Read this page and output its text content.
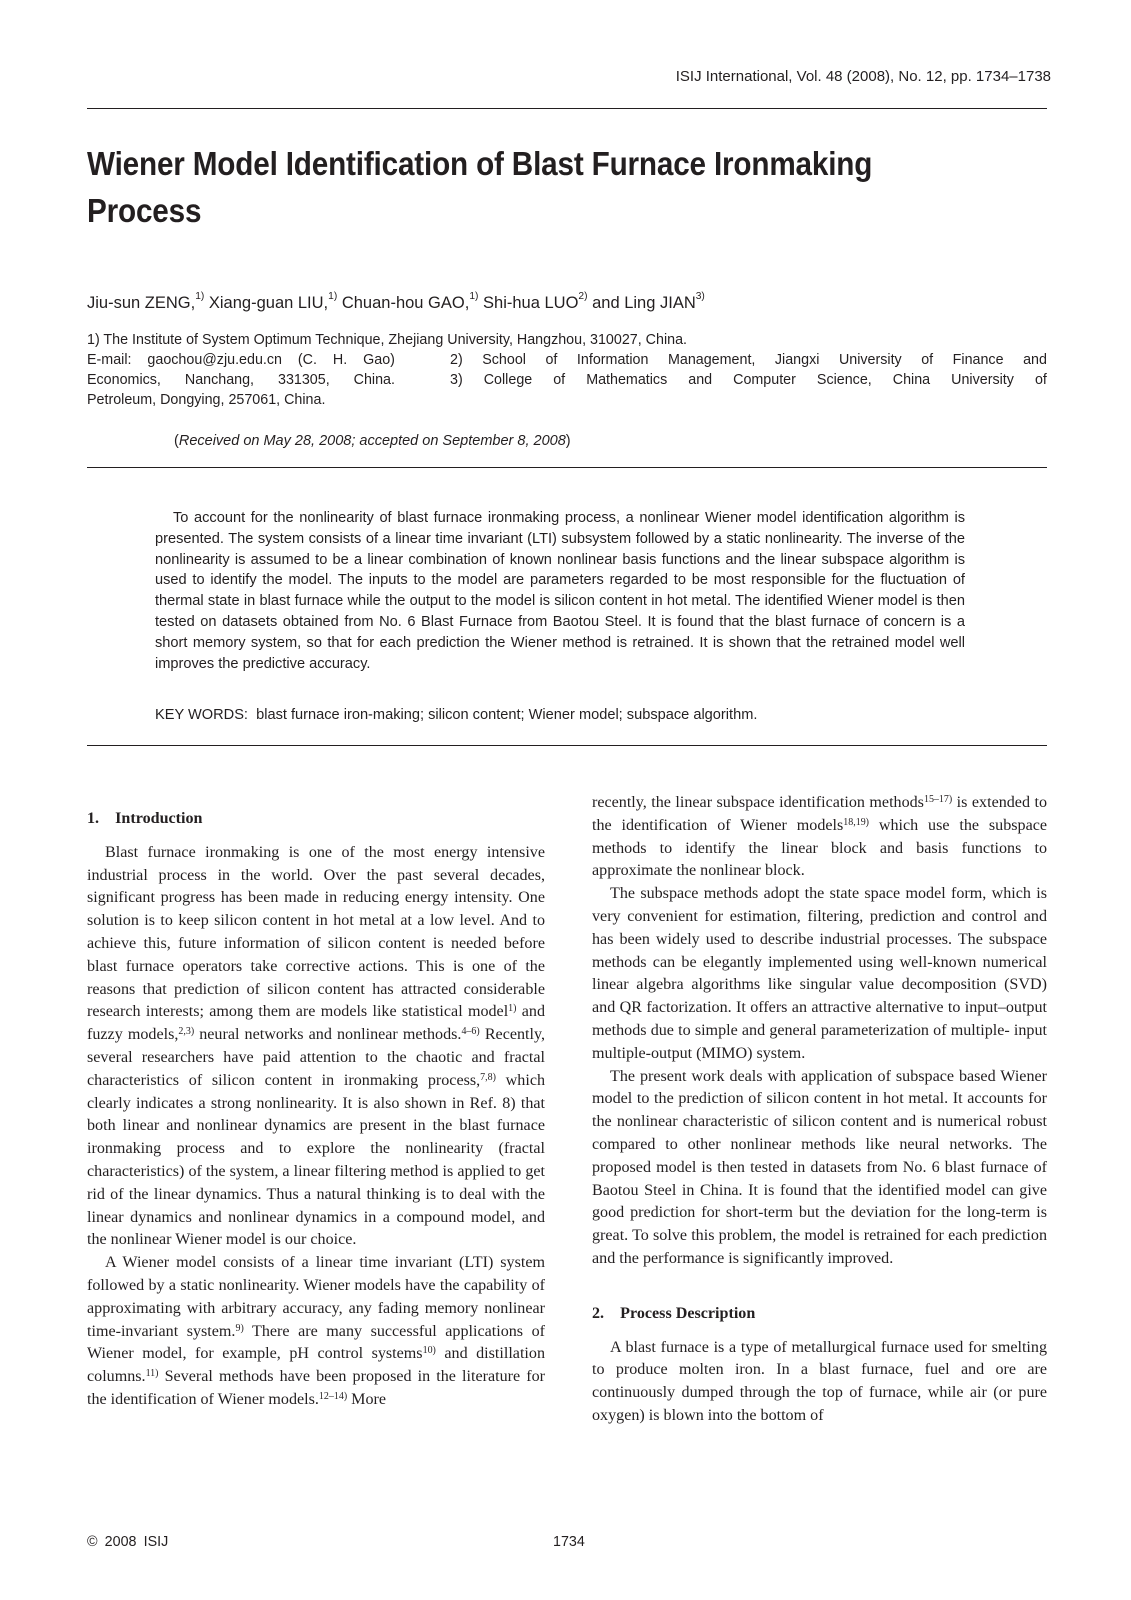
ISIJ International, Vol. 48 (2008), No. 12, pp. 1734–1738
Wiener Model Identification of Blast Furnace Ironmaking Process
Jiu-sun ZENG,$^{1)}$ Xiang-guan LIU,$^{1)}$ Chuan-hou GAO,$^{1)}$ Shi-hua LUO$^{2)}$ and Ling JIAN$^{3)}$
1) The Institute of System Optimum Technique, Zhejiang University, Hangzhou, 310027, China.
E-mail: gaochou@zju.edu.cn (C. H. Gao)	2) School of Information Management, Jiangxi University of Finance and
Economics, Nanchang, 331305, China.	3) College of Mathematics and Computer Science, China University of
Petroleum, Dongying, 257061, China.
(Received on May 28, 2008; accepted on September 8, 2008)

To account for the nonlinearity of blast furnace ironmaking process, a nonlinear Wiener model identification algorithm is presented. The system consists of a linear time invariant (LTI) subsystem followed by a static nonlinearity. The inverse of the nonlinearity is assumed to be a linear combination of known nonlinear basis functions and the linear subspace algorithm is used to identify the model. The inputs to the model are parameters regarded to be most responsible for the fluctuation of thermal state in blast furnace while the output to the model is silicon content in hot metal. The identified Wiener model is then tested on datasets obtained from No. 6 Blast Furnace from Baotou Steel. It is found that the blast furnace of concern is a short memory system, so that for each prediction the Wiener method is retrained. It is shown that the retrained model well improves the predictive accuracy.

KEY WORDS: blast furnace iron-making; silicon content; Wiener model; subspace algorithm.
1. Introduction

Blast furnace ironmaking is one of the most energy intensive industrial process in the world. Over the past several decades, significant progress has been made in reducing energy intensity. One solution is to keep silicon content in hot metal at a low level. And to achieve this, future information of silicon content is needed before blast furnace operators take corrective actions. This is one of the reasons that prediction of silicon content has attracted considerable research interests; among them are models like statistical model$^{1)}$ and fuzzy models,$^{2,3)}$ neural networks and nonlinear methods.$^{4-6)}$ Recently, several researchers have paid attention to the chaotic and fractal characteristics of silicon content in ironmaking process,$^{7,8)}$ which clearly indicates a strong nonlinearity. It is also shown in Ref. 8) that both linear and nonlinear dynamics are present in the blast furnace ironmaking process and to explore the nonlinearity (fractal characteristics) of the system, a linear filtering method is applied to get rid of the linear dynamics. Thus a natural thinking is to deal with the linear dynamics and nonlinear dynamics in a compound model, and the nonlinear Wiener model is our choice.

A Wiener model consists of a linear time invariant (LTI) system followed by a static nonlinearity. Wiener models have the capability of approximating with arbitrary accuracy, any fading memory nonlinear time-invariant system.$^{9)}$ There are many successful applications of Wiener model, for example, pH control systems$^{10)}$ and distillation columns.$^{11)}$ Several methods have been proposed in the literature for the identification of Wiener models.$^{12-14)}$ More

recently, the linear subspace identification methods$^{15-17)}$ is extended to the identification of Wiener models$^{18,19)}$ which use the subspace methods to identify the linear block and basis functions to approximate the nonlinear block.

The subspace methods adopt the state space model form, which is very convenient for estimation, filtering, prediction and control and has been widely used to describe industrial processes. The subspace methods can be elegantly implemented using well-known numerical linear algebra algorithms like singular value decomposition (SVD) and QR factorization. It offers an attractive alternative to input–output methods due to simple and general parameterization of multiple- input multiple-output (MIMO) system.

The present work deals with application of subspace based Wiener model to the prediction of silicon content in hot metal. It accounts for the nonlinear characteristic of silicon content and is numerical robust compared to other nonlinear methods like neural networks. The proposed model is then tested in datasets from No. 6 blast furnace of Baotou Steel in China. It is found that the identified model can give good prediction for short-term but the deviation for the long-term is great. To solve this problem, the model is retrained for each prediction and the performance is significantly improved.

2. Process Description

A blast furnace is a type of metallurgical furnace used for smelting to produce molten iron. In a blast furnace, fuel and ore are continuously dumped through the top of furnace, while air (or pure oxygen) is blown into the bottom of

© 2008 ISIJ	1734
